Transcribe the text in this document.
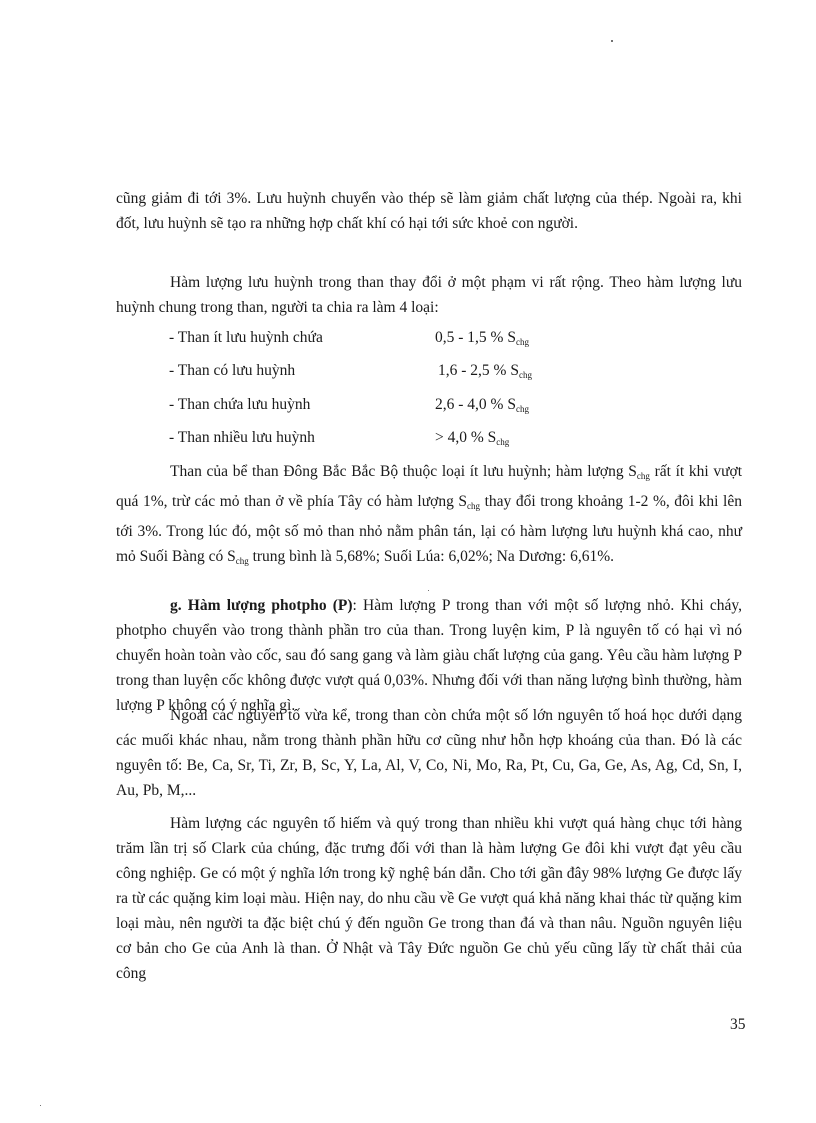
cũng giảm đi tới 3%. Lưu huỳnh chuyển vào thép sẽ làm giảm chất lượng của thép. Ngoài ra, khi đốt, lưu huỳnh sẽ tạo ra những hợp chất khí có hại tới sức khoẻ con người.

Hàm lượng lưu huỳnh trong than thay đổi ở một phạm vi rất rộng. Theo hàm lượng lưu huỳnh chung trong than, người ta chia ra làm 4 loại:

- Than ít lưu huỳnh chứa	0,5 - 1,5 % $S_{chg}$
- Than có lưu huỳnh	1,6 - 2,5 % $S_{chg}$
- Than chứa lưu huỳnh	2,6 - 4,0 % $S_{chg}$
- Than nhiều lưu huỳnh	> 4,0 % $S_{chg}$

Than của bể than Đông Bắc Bắc Bộ thuộc loại ít lưu huỳnh; hàm lượng $S_{chg}$ rất ít khi vượt quá 1%, trừ các mỏ than ở về phía Tây có hàm lượng $S_{chg}$ thay đổi trong khoảng 1-2 %, đôi khi lên tới 3%. Trong lúc đó, một số mỏ than nhỏ nằm phân tán, lại có hàm lượng lưu huỳnh khá cao, như mỏ Suối Bàng có $S_{chg}$ trung bình là 5,68%; Suối Lúa: 6,02%; Na Dương: 6,61%.

g. Hàm lượng photpho (P): Hàm lượng P trong than với một số lượng nhỏ. Khi cháy, photpho chuyển vào trong thành phần tro của than. Trong luyện kim, P là nguyên tố có hại vì nó chuyển hoàn toàn vào cốc, sau đó sang gang và làm giàu chất lượng của gang. Yêu cầu hàm lượng P trong than luyện cốc không được vượt quá 0,03%. Nhưng đối với than năng lượng bình thường, hàm lượng P không có ý nghĩa gì.

Ngoài các nguyên tố vừa kể, trong than còn chứa một số lớn nguyên tố hoá học dưới dạng các muối khác nhau, nằm trong thành phần hữu cơ cũng như hỗn hợp khoáng của than. Đó là các nguyên tố: Be, Ca, Sr, Ti, Zr, B, Sc, Y, La, Al, V, Co, Ni, Mo, Ra, Pt, Cu, Ga, Ge, As, Ag, Cd, Sn, I, Au, Pb, M,...

Hàm lượng các nguyên tố hiếm và quý trong than nhiều khi vượt quá hàng chục tới hàng trăm lần trị số Clark của chúng, đặc trưng đối với than là hàm lượng Ge đôi khi vượt đạt yêu cầu công nghiệp. Ge có một ý nghĩa lớn trong kỹ nghệ bán dẫn. Cho tới gần đây 98% lượng Ge được lấy ra từ các quặng kim loại màu. Hiện nay, do nhu cầu về Ge vượt quá khả năng khai thác từ quặng kim loại màu, nên người ta đặc biệt chú ý đến nguồn Ge trong than đá và than nâu. Nguồn nguyên liệu cơ bản cho Ge của Anh là than. Ở Nhật và Tây Đức nguồn Ge chủ yếu cũng lấy từ chất thải của công

35
